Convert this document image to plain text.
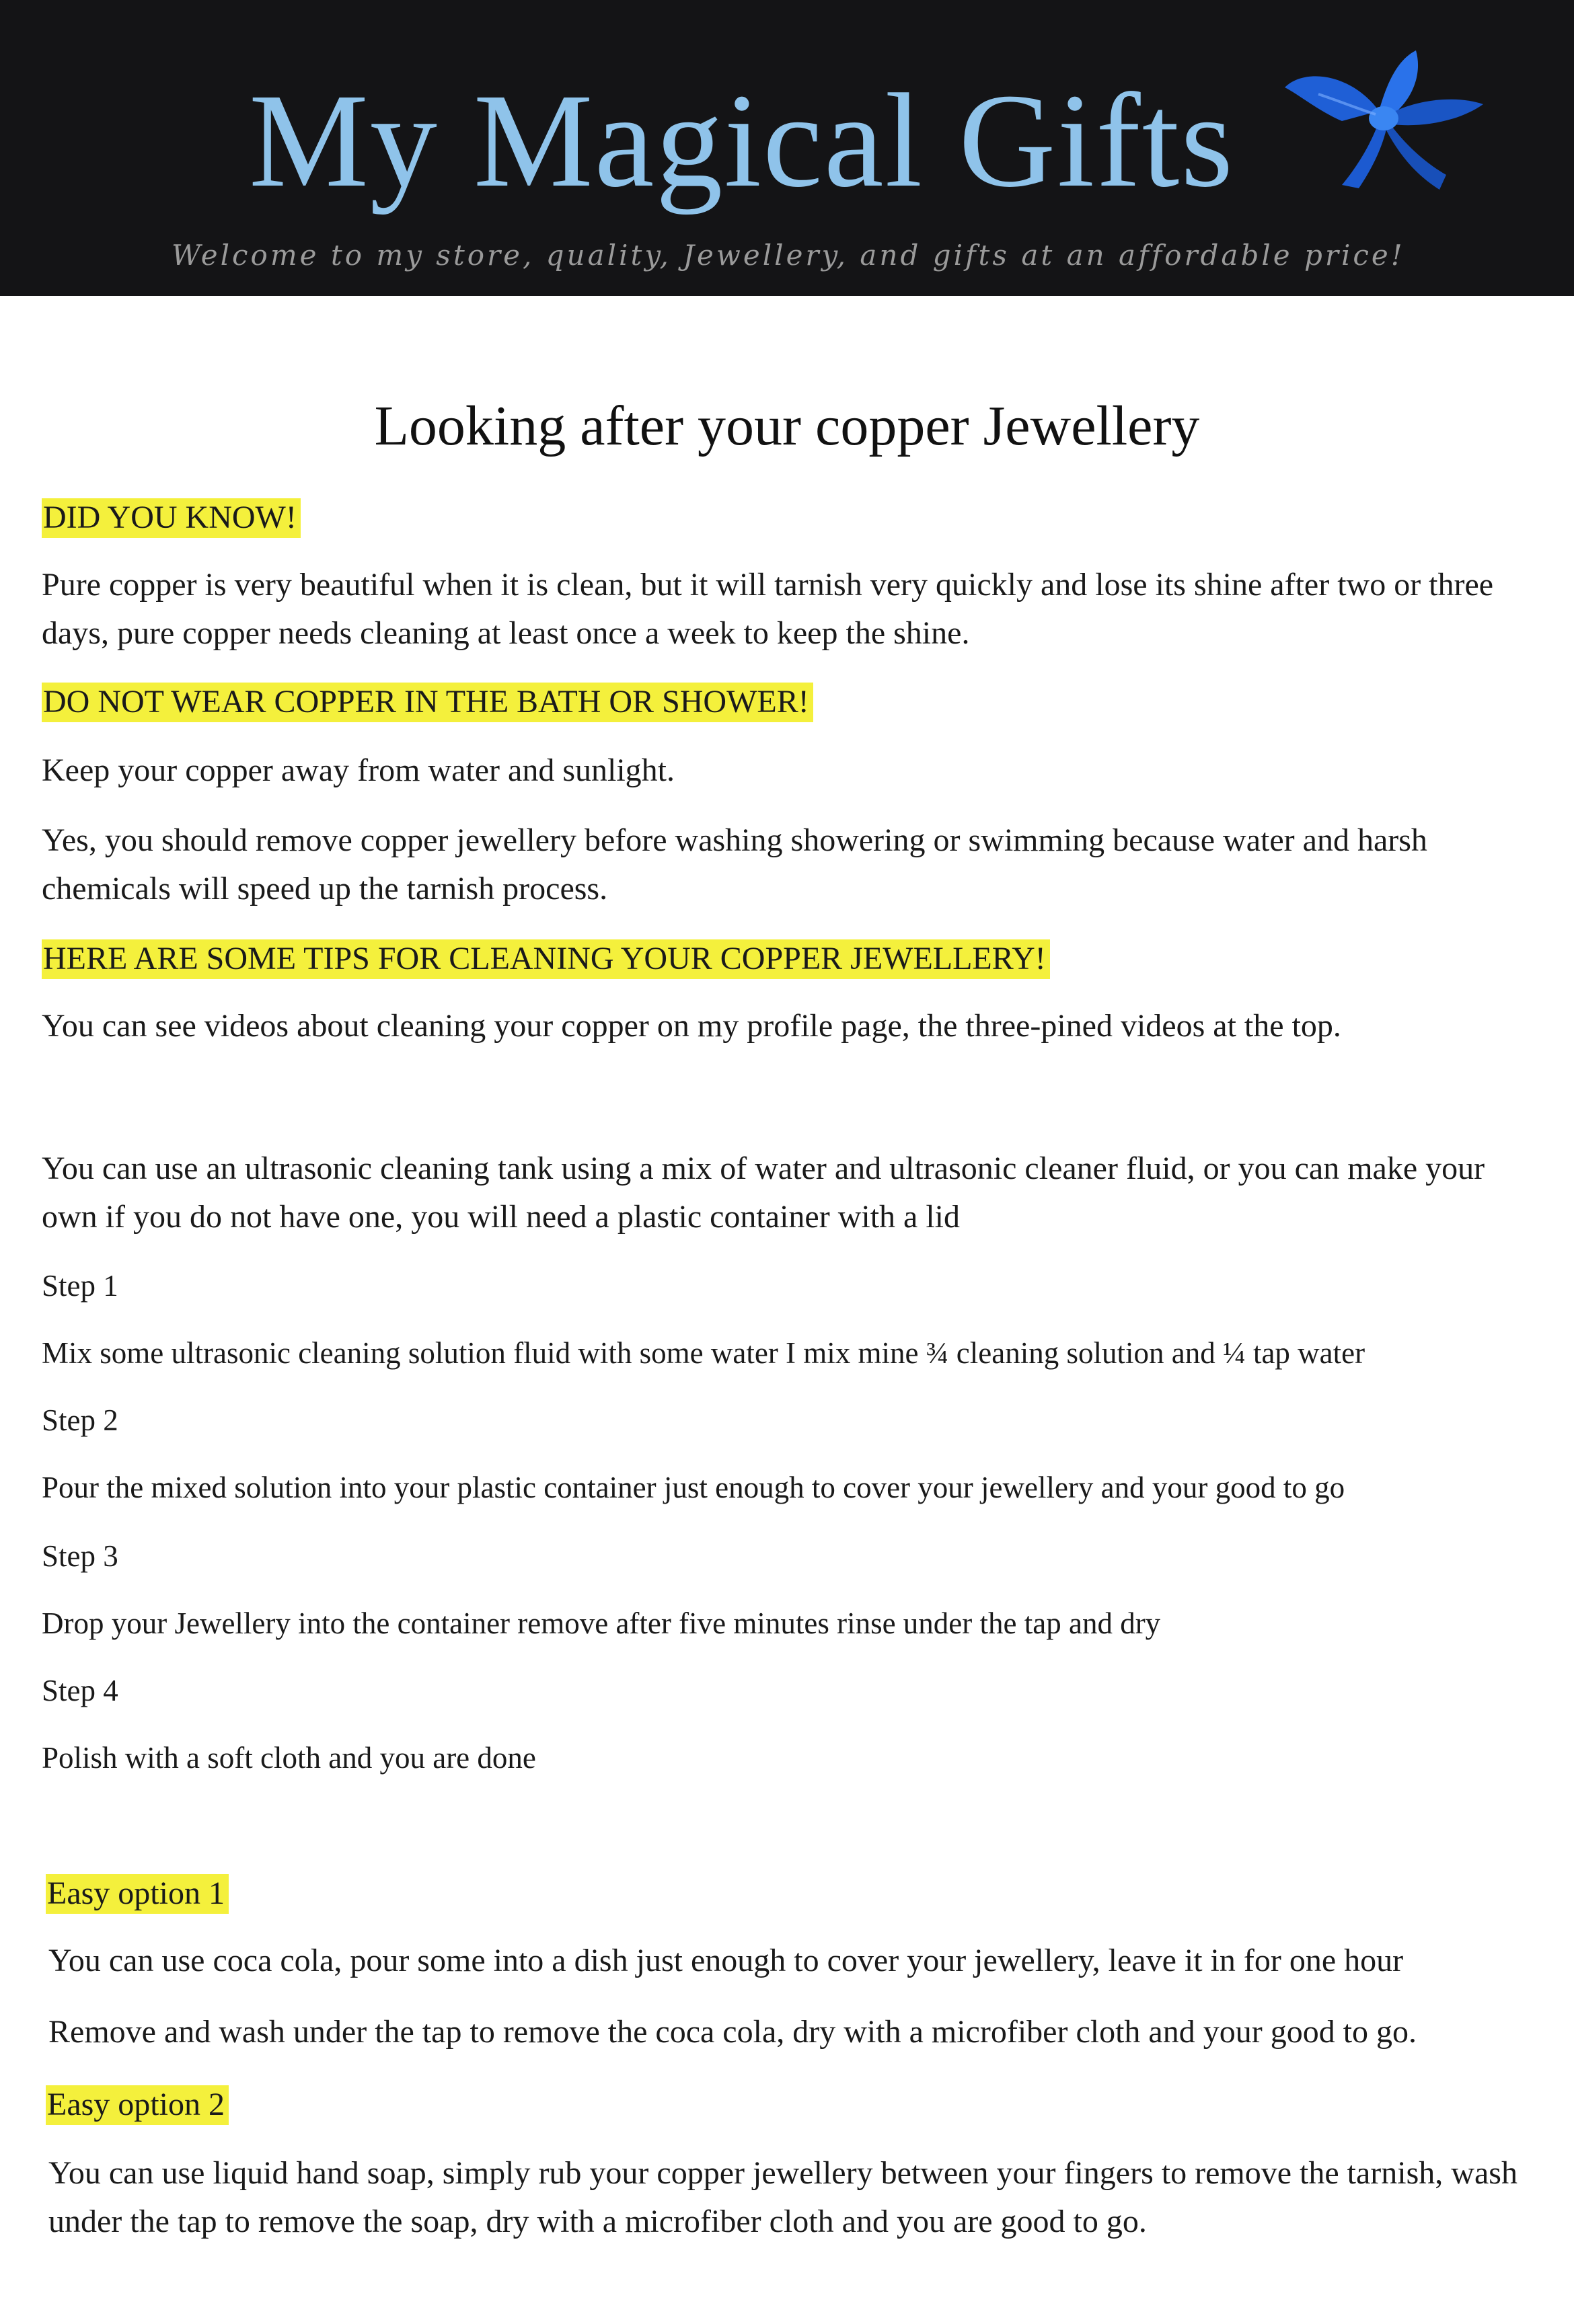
My Magical Gifts
Welcome to my store, quality, Jewellery, and gifts at an affordable price!
Looking after your copper Jewellery

DID YOU KNOW!

Pure copper is very beautiful when it is clean, but it will tarnish very quickly and lose its shine after two or three days, pure copper needs cleaning at least once a week to keep the shine.

DO NOT WEAR COPPER IN THE BATH OR SHOWER!

Keep your copper away from water and sunlight.

Yes, you should remove copper jewellery before washing showering or swimming because water and harsh chemicals will speed up the tarnish process.

HERE ARE SOME TIPS FOR CLEANING YOUR COPPER JEWELLERY!

You can see videos about cleaning your copper on my profile page, the three-pined videos at the top.

You can use an ultrasonic cleaning tank using a mix of water and ultrasonic cleaner fluid, or you can make your own if you do not have one, you will need a plastic container with a lid

Step 1

Mix some ultrasonic cleaning solution fluid with some water I mix mine ¾ cleaning solution and ¼ tap water

Step 2

Pour the mixed solution into your plastic container just enough to cover your jewellery and your good to go

Step 3

Drop your Jewellery into the container remove after five minutes rinse under the tap and dry

Step 4

Polish with a soft cloth and you are done

Easy option 1

You can use coca cola, pour some into a dish just enough to cover your jewellery, leave it in for one hour

Remove and wash under the tap to remove the coca cola, dry with a microfiber cloth and your good to go.

Easy option 2

You can use liquid hand soap, simply rub your copper jewellery between your fingers to remove the tarnish, wash under the tap to remove the soap, dry with a microfiber cloth and you are good to go.
